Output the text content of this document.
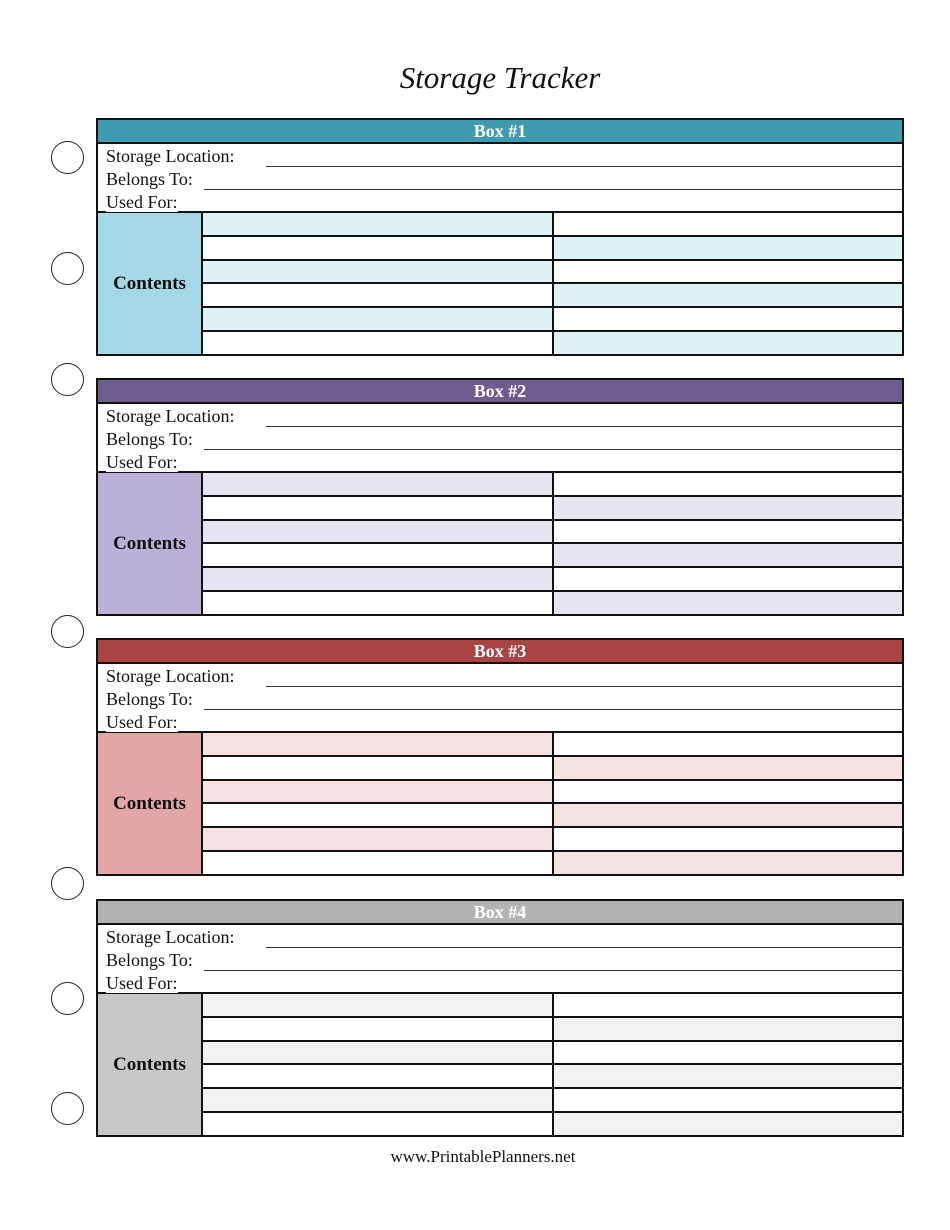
Storage Tracker
Box #1
Storage Location:
Belongs To:
Used For:
Contents
Box #2
Storage Location:
Belongs To:
Used For:
Contents
Box #3
Storage Location:
Belongs To:
Used For:
Contents
Box #4
Storage Location:
Belongs To:
Used For:
Contents
www.PrintablePlanners.net
